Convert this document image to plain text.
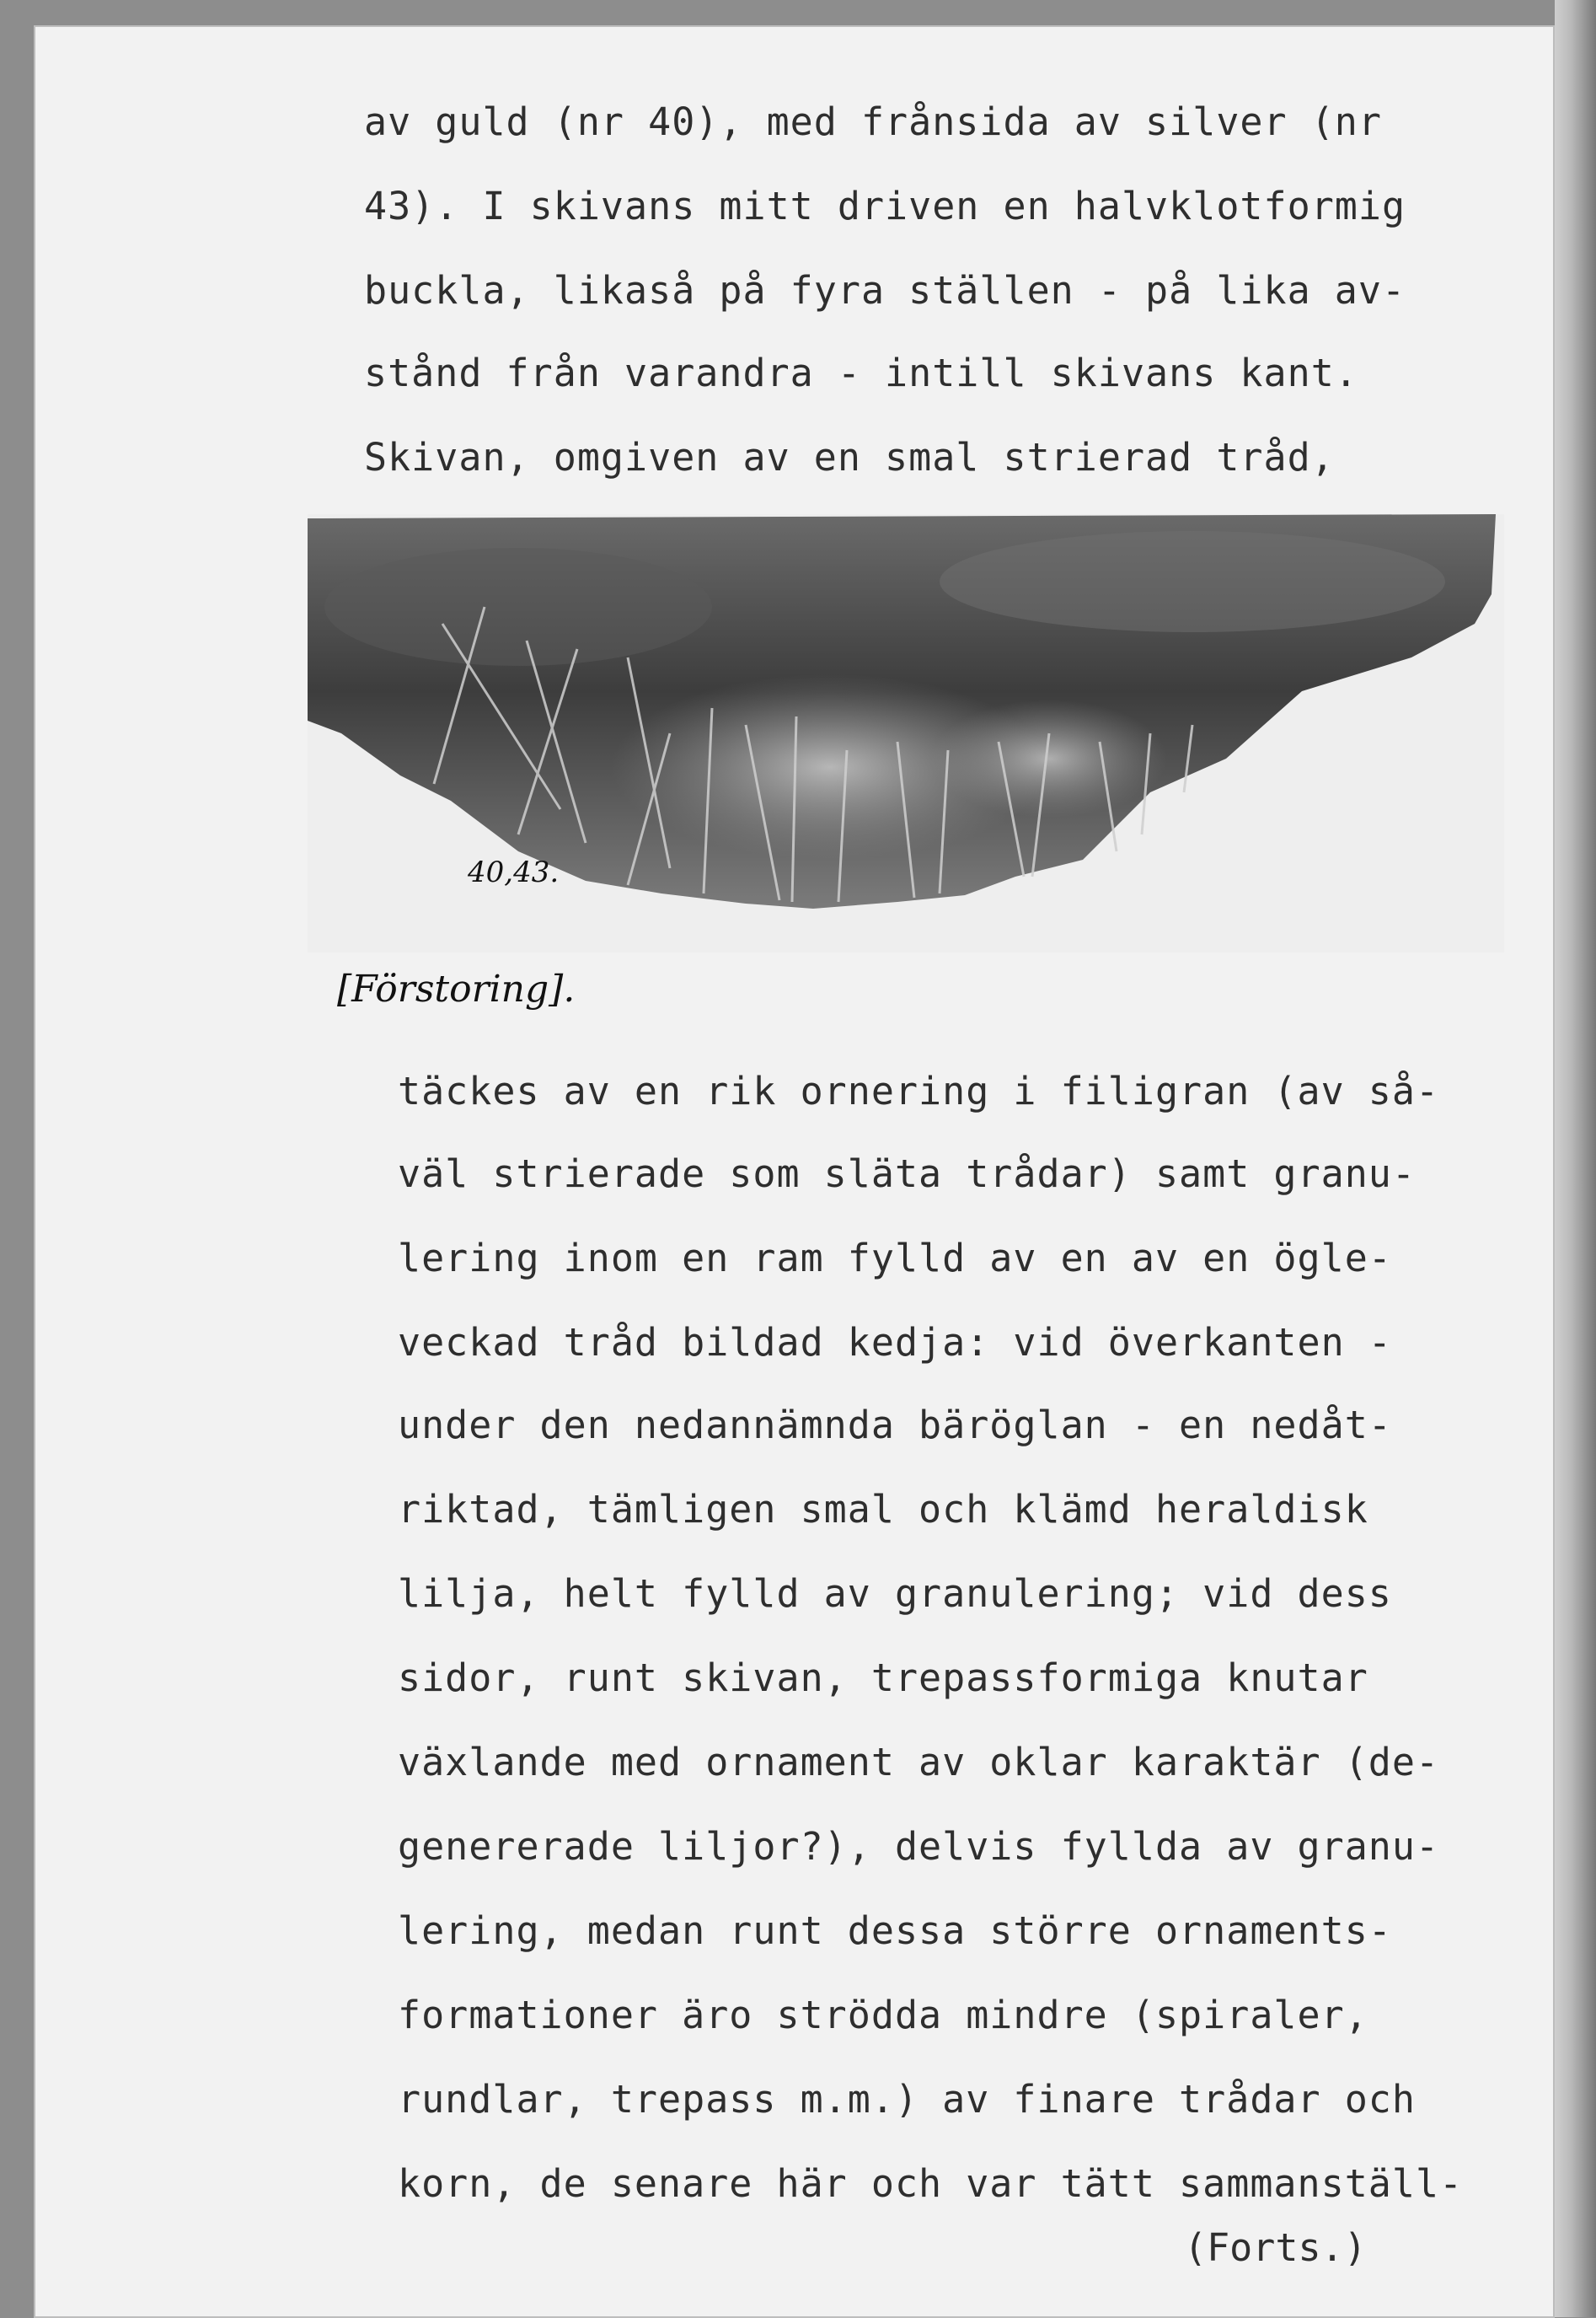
av guld (nr 40), med frånsida av silver (nr
43). I skivans mitt driven en halvklotformig
buckla, likaså på fyra ställen - på lika av-
stånd från varandra - intill skivans kant.
Skivan, omgiven av en smal strierad tråd,
40,43.
[Förstoring].
täckes av en rik ornering i filigran (av så-
väl strierade som släta trådar) samt granu-
lering inom en ram fylld av en av en ögle-
veckad tråd bildad kedja: vid överkanten -
under den nedannämnda bäröglan - en nedåt-
riktad, tämligen smal och klämd heraldisk
lilja, helt fylld av granulering; vid dess
sidor, runt skivan, trepassformiga knutar
växlande med ornament av oklar karaktär (de-
genererade liljor?), delvis fyllda av granu-
lering, medan runt dessa större ornaments-
formationer äro strödda mindre (spiraler,
rundlar, trepass m.m.) av finare trådar och
korn, de senare här och var tätt sammanställ-
(Forts.)
